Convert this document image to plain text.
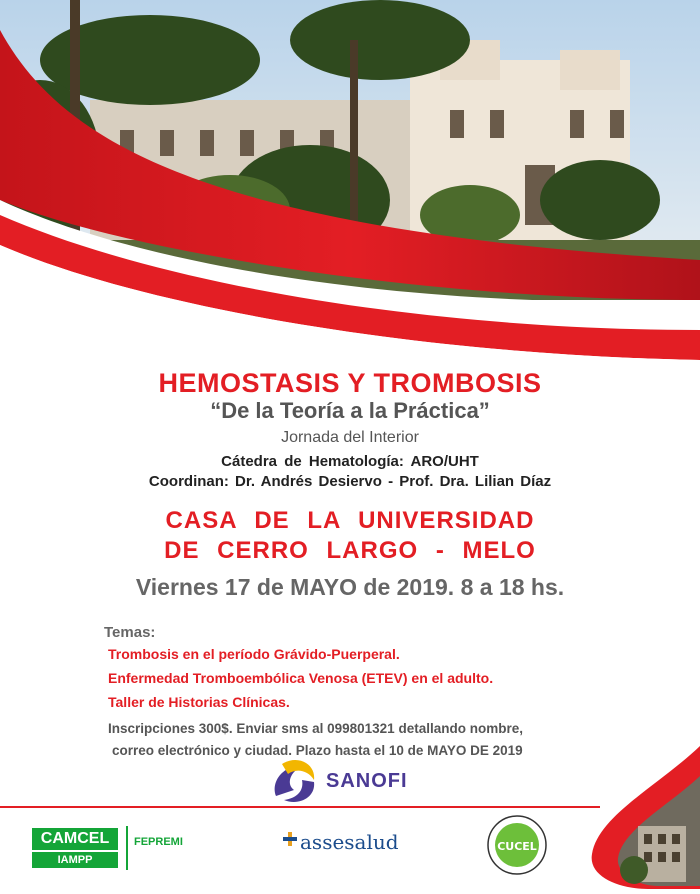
HEMOSTASIS Y TROMBOSIS

“De la Teoría a la Práctica”

Jornada del Interior

Cátedra de Hematología: ARO/UHT

Coordinan: Dr. Andrés Desiervo - Prof. Dra. Lilian Díaz

CASA DE LA UNIVERSIDAD

DE CERRO LARGO - MELO

Viernes 17 de MAYO de 2019. 8 a 18 hs.

Temas:

Trombosis en el período Grávido-Puerperal.

Enfermedad Tromboembólica Venosa (ETEV) en el adulto.

Taller de Historias Clínicas.

Inscripciones 300$. Enviar sms al 099801321 detallando nombre,

correo electrónico y ciudad. Plazo hasta el 10 de MAYO DE 2019

SANOFI
CAMCEL
IAMPP
FEPREMI	assesalud	CUCEL
